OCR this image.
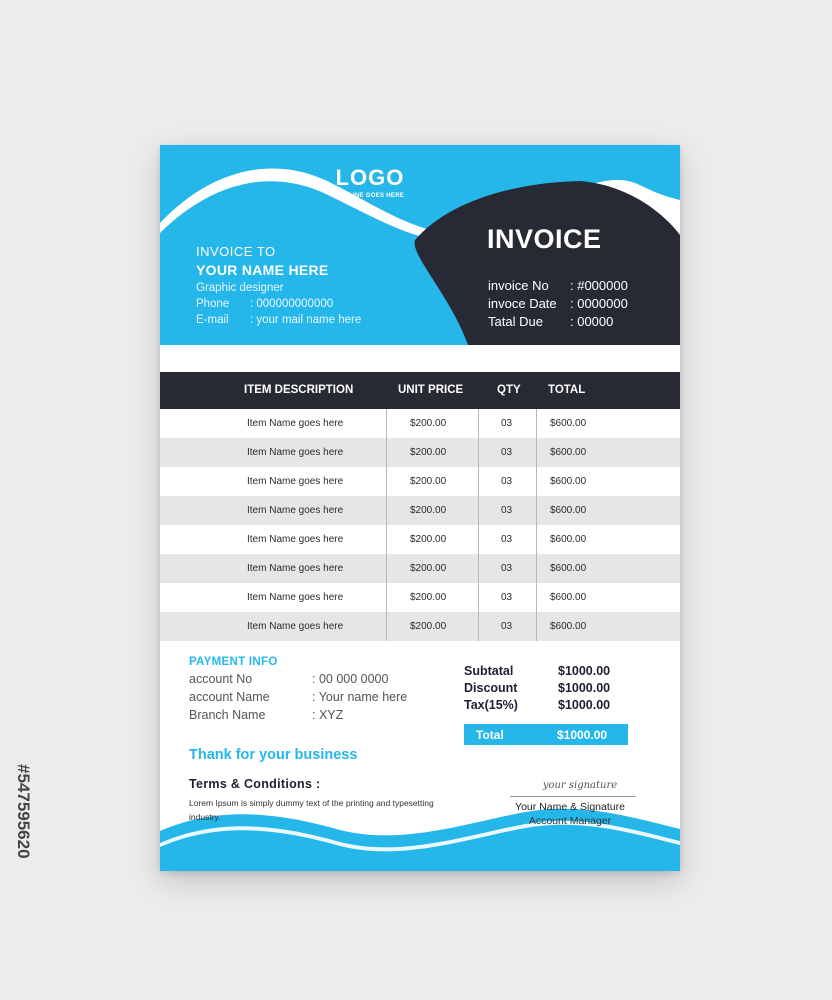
#547595620
LOGO
TAGLINE GOES HERE
INVOICE TO
YOUR NAME HERE
Graphic designer
Phone : 000000000000
E-mail : your mail name here
INVOICE
invoice No : #000000
invoce Date : 0000000
Tatal Due : 00000
ITEM DESCRIPTION	UNIT PRICE	QTY TOTAL
Item Name goes here	$200.00	03	$600.00
Item Name goes here	$200.00	03	$600.00
Item Name goes here	$200.00	03	$600.00
Item Name goes here	$200.00	03	$600.00
Item Name goes here	$200.00	03	$600.00
Item Name goes here	$200.00	03	$600.00
Item Name goes here	$200.00	03	$600.00
Item Name goes here	$200.00	03	$600.00
PAYMENT INFO
account No	: 00 000 0000
account Name	: Your name here
Branch Name	: XYZ
Subtatal	$1000.00
Discount	$1000.00
Tax(15%)	$1000.00
Total	$1000.00
Thank for your business
Terms & Conditions :
Lorem Ipsum is simply dummy text of the printing and typesetting industry.
your signature
Your Name & Signature
Account Manager
